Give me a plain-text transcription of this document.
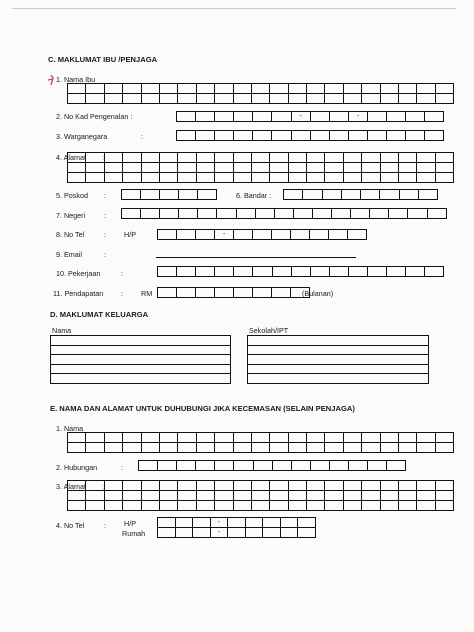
C. MAKLUMAT IBU /PENJAGA
1. Nama Ibu

2. No Kad Pengenalan :
							-			-				
3. Warganegara	:

4. Alamat :

5. Poskod :
					6. Bandar :

7. Negeri	:

8. No Tel	:	H/P
				-							
9. Email	:
10. Pekerjaan	:

11. Pendapatan :	RM
								(Bulanan)
D. MAKLUMAT KELUARGA
Nama	Sekolah/IPT

E. NAMA DAN ALAMAT UNTUK DUHUBUNGI JIKA KECEMASAN (SELAIN PENJAGA)
1. Nama

2. Hubungan	:

3. Alamat :

4. No Tel	:	H/P
Rumah
			-					
			-					
